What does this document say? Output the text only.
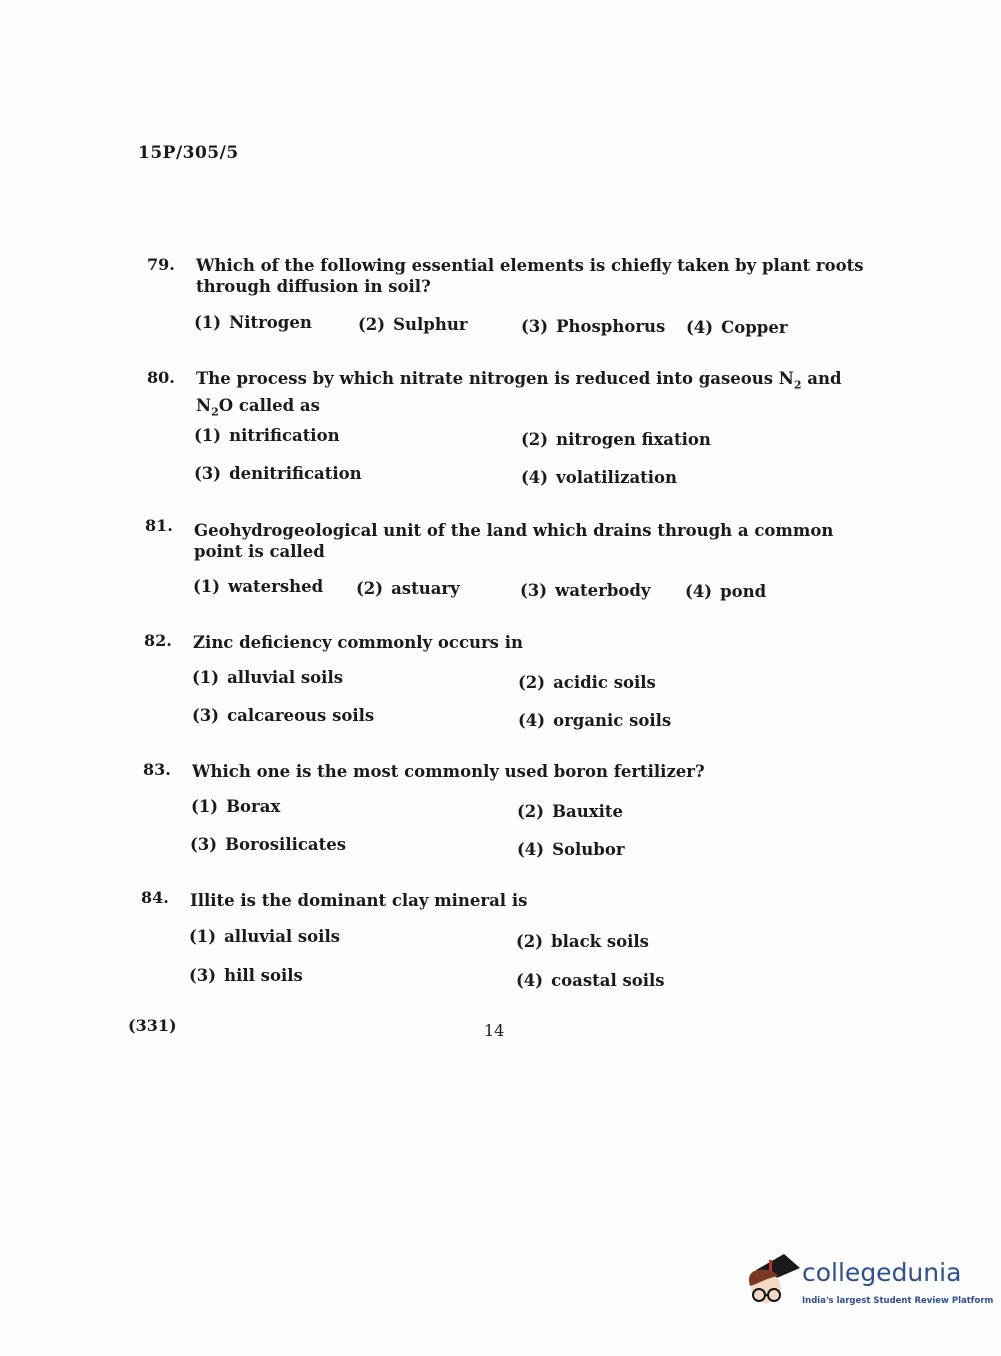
15P/305/5
79. Which of the following essential elements is chiefly taken by plant roots through diffusion in soil?
(1) Nitrogen	(2) Sulphur	(3) Phosphorus (4) Copper
80. The process by which nitrate nitrogen is reduced into gaseous $N_2$ and $N_2O$ called as
(1) nitrification	(2) nitrogen fixation
(3) denitrification	(4) volatilization
81. Geohydrogeological unit of the land which drains through a common point is called
(1) watershed (2) astuary	(3) waterbody (4) pond
82. Zinc deficiency commonly occurs in
(1) alluvial soils	(2) acidic soils
(3) calcareous soils	(4) organic soils
83. Which one is the most commonly used boron fertilizer?
(1) Borax	(2) Bauxite
(3) Borosilicates	(4) Solubor
84. Illite is the dominant clay mineral is
(1) alluvial soils	(2) black soils
(3) hill soils	(4) coastal soils
(331)	14
collegedunia
India's largest Student Review Platform
